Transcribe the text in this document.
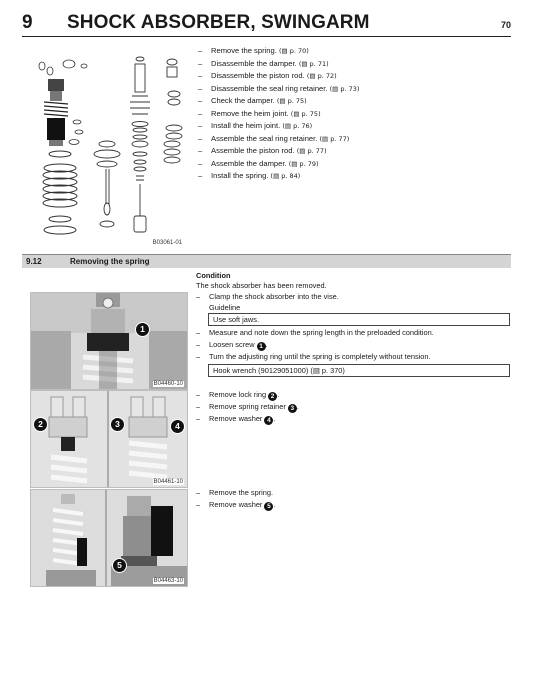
9 SHOCK ABSORBER, SWINGARM	70
B03061-01
– Remove the spring. (▤ p. 70)
– Disassemble the damper. (▤ p. 71)
– Disassemble the piston rod. (▤ p. 72)
– Disassemble the seal ring retainer. (▤ p. 73)
– Check the damper. (▤ p. 75)
– Remove the heim joint. (▤ p. 75)
– Install the heim joint. (▤ p. 76)
– Assemble the seal ring retainer. (▤ p. 77)
– Assemble the piston rod. (▤ p. 77)
– Assemble the damper. (▤ p. 79)
– Install the spring. (▤ p. 84)
9.12	Removing the spring
Condition
The shock absorber has been removed.
– Clamp the shock absorber into the vise.
Guideline
Use soft jaws.
1
B04460-10
– Measure and note down the spring length in the preloaded condition.
– Loosen screw 1 .
– Turn the adjusting ring until the spring is completely without tension.
Hook wrench (90129051000) (▤ p. 370)
2	3	4
B04461-10
– Remove lock ring 2 .
– Remove spring retainer 3 .
– Remove washer 4 .
5
B04463-10
– Remove the spring.
– Remove washer 5 .
